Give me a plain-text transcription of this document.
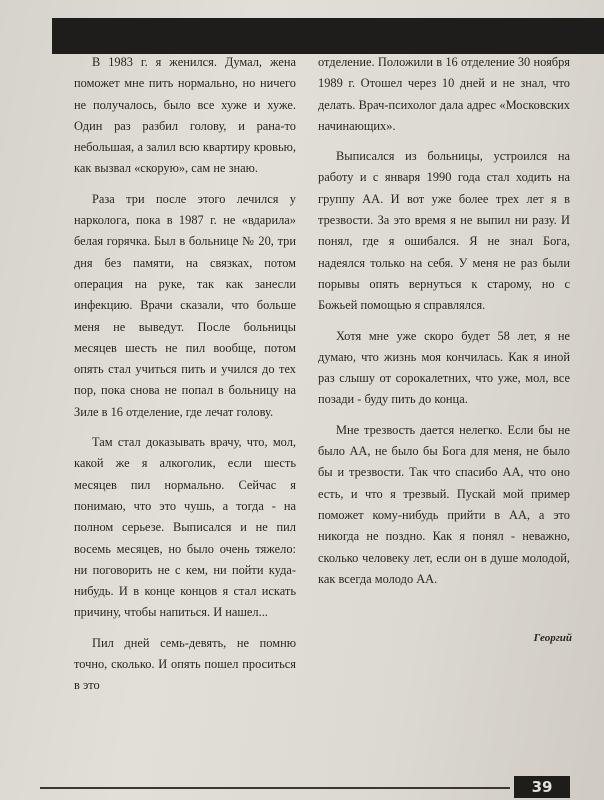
В 1983 г. я женился. Думал, жена поможет мне пить нормально, но ничего не получалось, было все хуже и хуже. Один раз разбил голову, и рана-то небольшая, а залил всю квартиру кровью, как вызвал «скорую», сам не знаю.

Раза три после этого лечился у нарколога, пока в 1987 г. не «вдарила» белая горячка. Был в больнице № 20, три дня без памяти, на связках, потом операция на руке, так как занесли инфекцию. Врачи сказали, что больше меня не выведут. После больницы месяцев шесть не пил вообще, потом опять стал учиться пить и учился до тех пор, пока снова не попал в больницу на Зиле в 16 отделение, где лечат голову.

Там стал доказывать врачу, что, мол, какой же я алкоголик, если шесть месяцев пил нормально. Сейчас я понимаю, что это чушь, а тогда - на полном серьезе. Выписался и не пил восемь месяцев, но было очень тяжело: ни поговорить не с кем, ни пойти куда-нибудь. И в конце концов я стал искать причину, чтобы напиться. И нашел...

Пил дней семь-девять, не помню точно, сколько. И опять пошел проситься в это

отделение. Положили в 16 отделение 30 ноября 1989 г. Отошел через 10 дней и не знал, что делать. Врач-психолог дала адрес «Московских начинающих».

Выписался из больницы, устроился на работу и с января 1990 года стал ходить на группу АА. И вот уже более трех лет я в трезвости. За это время я не выпил ни разу. И понял, где я ошибался. Я не знал Бога, надеялся только на себя. У меня не раз были порывы опять вернуться к старому, но с Божьей помощью я справлялся.

Хотя мне уже скоро будет 58 лет, я не думаю, что жизнь моя кончилась. Как я иной раз слышу от сорокалетних, что уже, мол, все позади - буду пить до конца.

Мне трезвость дается нелегко. Если бы не было АА, не было бы Бога для меня, не было бы и трезвости. Так что спасибо АА, что оно есть, и что я трезвый. Пускай мой пример поможет кому-нибудь прийти в АА, а это никогда не поздно. Как я понял - неважно, сколько человеку лет, если он в душе молодой, как всегда молодо АА.

Георгий
39
